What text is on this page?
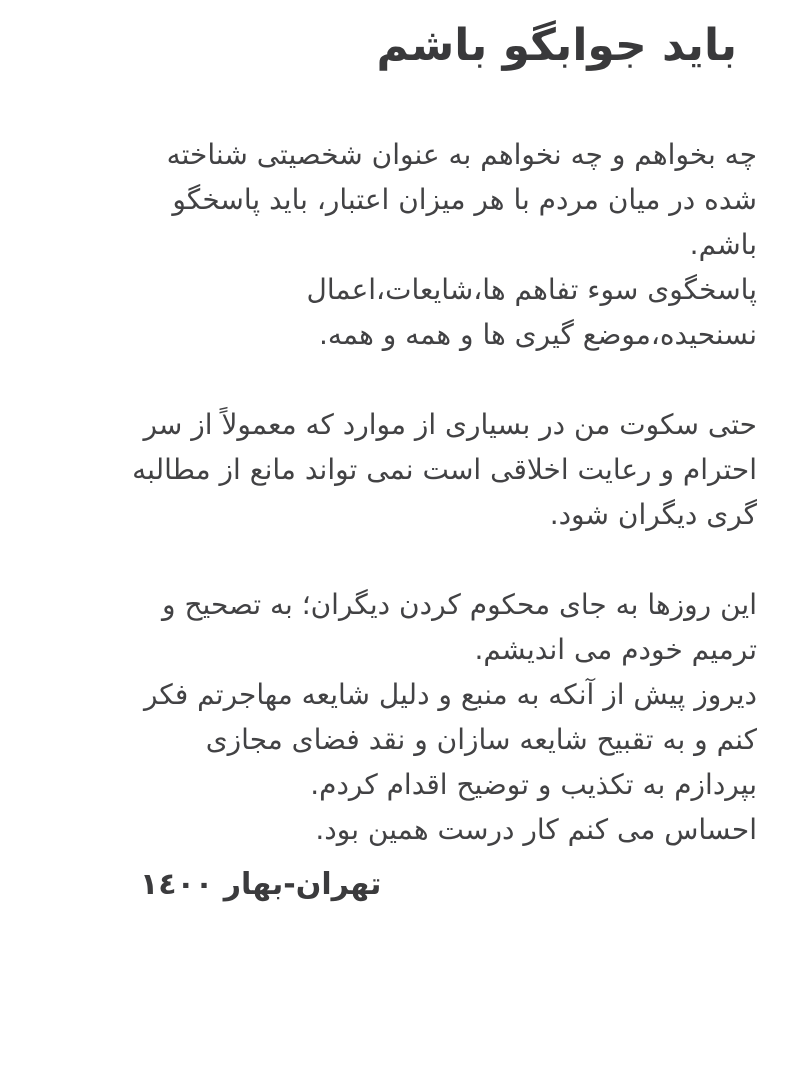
باید جوابگو باشم
چه بخواهم و چه نخواهم به عنوان شخصیتی شناخته
شده در میان مردم با هر میزان اعتبار، باید پاسخگو
باشم.
پاسخگوی سوء تفاهم ها،شایعات،اعمال
نسنحیده،موضع گیری ها و همه و همه.
حتی سکوت من در بسیاری از موارد که معمولاً از سر
احترام و رعایت اخلاقی است نمی تواند مانع از مطالبه
گری دیگران شود.
این روزها به جای محکوم کردن دیگران؛ به تصحیح و
ترمیم خودم می اندیشم.
دیروز پیش از آنکه به منبع و دلیل شایعه مهاجرتم فکر
کنم و به تقبیح شایعه سازان و نقد فضای مجازی
بپردازم به تکذیب و توضیح اقدام کردم.
احساس می کنم کار درست همین بود.
تهران-بهار ١٤٠٠
